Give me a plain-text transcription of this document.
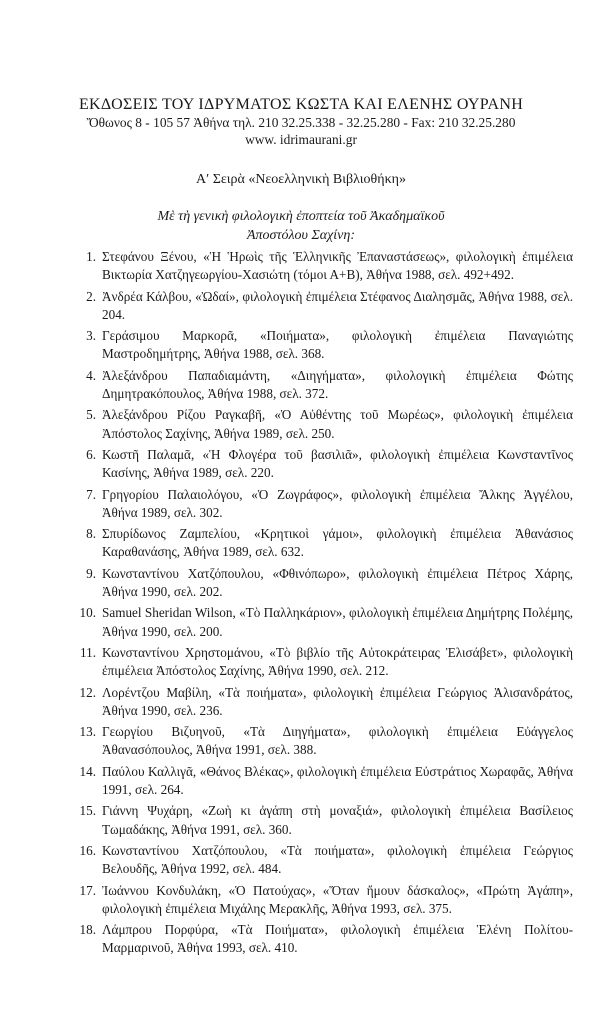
ΕΚΔΟΣΕΙΣ ΤΟΥ ΙΔΡΥΜΑΤΟΣ ΚΩΣΤΑ ΚΑΙ ΕΛΕΝΗΣ ΟΥΡΑΝΗ
Ὄθωνος 8 - 105 57 Ἀθήνα τηλ. 210 32.25.338 - 32.25.280 - Fax: 210 32.25.280
www. idrimaurani.gr
Α′ Σειρὰ «Νεοελληνικὴ Βιβλιοθήκη»
Μὲ τὴ γενικὴ φιλολογικὴ ἐποπτεία τοῦ Ἀκαδημαϊκοῦ
Ἀποστόλου Σαχίνη:
1. Στεφάνου Ξένου, «Ἡ Ἡρωὶς τῆς Ἑλληνικῆς Ἐπαναστάσεως», φιλολογικὴ ἐπιμέλεια Βικτωρία Χατζηγεωργίου-Χασιώτη (τόμοι Α+Β), Ἀθήνα 1988, σελ. 492+492.
2. Ἀνδρέα Κάλβου, «Ὠδαί», φιλολογικὴ ἐπιμέλεια Στέφανος Διαλησμᾶς, Ἀθήνα 1988, σελ. 204.
3. Γεράσιμου Μαρκορᾶ, «Ποιήματα», φιλολογικὴ ἐπιμέλεια Παναγιώτης Μαστροδημήτρης, Ἀθήνα 1988, σελ. 368.
4. Ἀλεξάνδρου Παπαδιαμάντη, «Διηγήματα», φιλολογικὴ ἐπιμέλεια Φώτης Δημητρακόπουλος, Ἀθήνα 1988, σελ. 372.
5. Ἀλεξάνδρου Ρίζου Ραγκαβῆ, «Ὁ Αὐθέντης τοῦ Μωρέως», φιλολογικὴ ἐπιμέλεια Ἀπόστολος Σαχίνης, Ἀθήνα 1989, σελ. 250.
6. Κωστῆ Παλαμᾶ, «Ἡ Φλογέρα τοῦ βασιλιᾶ», φιλολογικὴ ἐπιμέλεια Κωνσταντῖνος Κασίνης, Ἀθήνα 1989, σελ. 220.
7. Γρηγορίου Παλαιολόγου, «Ὁ Ζωγράφος», φιλολογικὴ ἐπιμέλεια Ἄλκης Ἀγγέλου, Ἀθήνα 1989, σελ. 302.
8. Σπυρίδωνος Ζαμπελίου, «Κρητικοὶ γάμοι», φιλολογικὴ ἐπιμέλεια Ἀθανάσιος Καραθανάσης, Ἀθήνα 1989, σελ. 632.
9. Κωνσταντίνου Χατζόπουλου, «Φθινόπωρο», φιλολογικὴ ἐπιμέλεια Πέτρος Χάρης, Ἀθήνα 1990, σελ. 202.
10. Samuel Sheridan Wilson, «Τὸ Παλληκάριον», φιλολογικὴ ἐπιμέλεια Δημήτρης Πολέμης, Ἀθήνα 1990, σελ. 200.
11. Κωνσταντίνου Χρηστομάνου, «Τὸ βιβλίο τῆς Αὐτοκράτειρας Ἐλισάβετ», φιλολογικὴ ἐπιμέλεια Ἀπόστολος Σαχίνης, Ἀθήνα 1990, σελ. 212.
12. Λορέντζου Μαβίλη, «Τὰ ποιήματα», φιλολογικὴ ἐπιμέλεια Γεώργιος Ἀλισανδράτος, Ἀθήνα 1990, σελ. 236.
13. Γεωργίου Βιζυηνοῦ, «Τὰ Διηγήματα», φιλολογικὴ ἐπιμέλεια Εὐάγγελος Ἀθανασόπουλος, Ἀθήνα 1991, σελ. 388.
14. Παύλου Καλλιγᾶ, «Θάνος Βλέκας», φιλολογικὴ ἐπιμέλεια Εὐστράτιος Χωραφᾶς, Ἀθήνα 1991, σελ. 264.
15. Γιάννη Ψυχάρη, «Ζωὴ κι ἀγάπη στὴ μοναξιά», φιλολογικὴ ἐπιμέλεια Βασίλειος Τωμαδάκης, Ἀθήνα 1991, σελ. 360.
16. Κωνσταντίνου Χατζόπουλου, «Τὰ ποιήματα», φιλολογικὴ ἐπιμέλεια Γεώργιος Βελουδῆς, Ἀθήνα 1992, σελ. 484.
17. Ἰωάννου Κονδυλάκη, «Ὁ Πατούχας», «Ὅταν ἤμουν δάσκαλος», «Πρώτη Ἀγάπη», φιλολογικὴ ἐπιμέλεια Μιχάλης Μερακλῆς, Ἀθήνα 1993, σελ. 375.
18. Λάμπρου Πορφύρα, «Τὰ Ποιήματα», φιλολογικὴ ἐπιμέλεια Ἑλένη Πολίτου-Μαρμαρινοῦ, Ἀθήνα 1993, σελ. 410.
